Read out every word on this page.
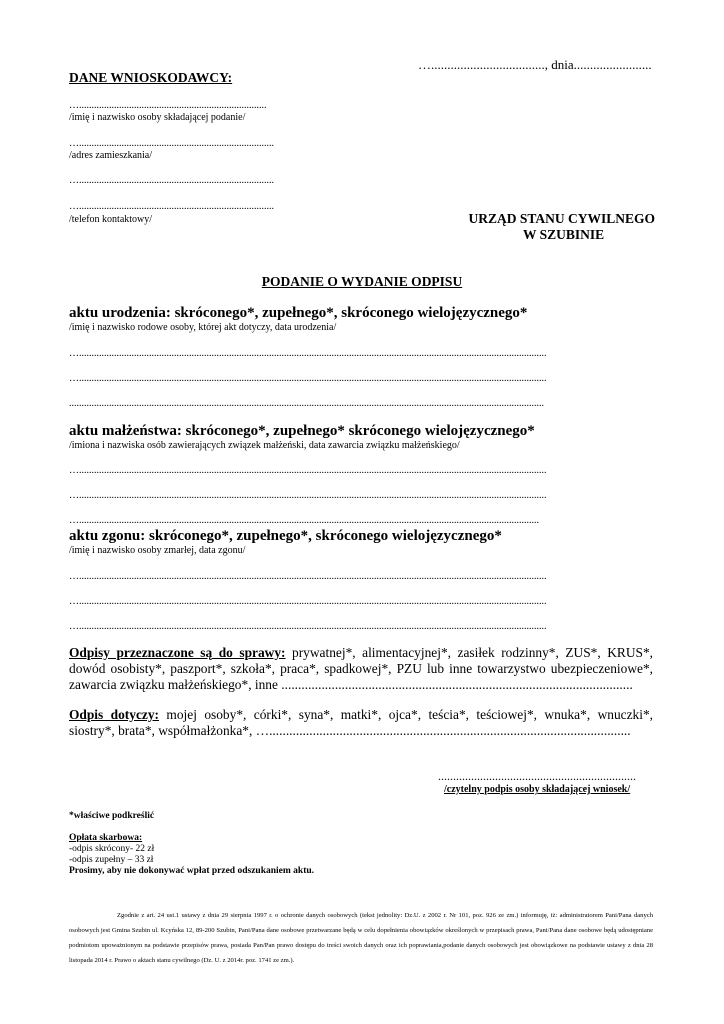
…..................................., dnia........................
DANE WNIOSKODAWCY:
…...........................................................................
/imię i nazwisko osoby składającej podanie/
…..............................................................................
/adres zamieszkania/
…..............................................................................
…..............................................................................
/telefon kontaktowy/	URZĄD STANU CYWILNEGO
W SZUBINIE
PODANIE O WYDANIE ODPISU
aktu urodzenia: skróconego*, zupełnego*, skróconego wielojęzycznego*
/imię i nazwisko rodowe osoby, której akt dotyczy, data urodzenia/
…...........................................................................................................................................................................................
…...........................................................................................................................................................................................
..............................................................................................................................................................................................
aktu małżeństwa: skróconego*, zupełnego* skróconego wielojęzycznego*
/imiona i nazwiska osób zawierających związek małżeński, data zawarcia związku małżeńskiego/
…...........................................................................................................................................................................................
…...........................................................................................................................................................................................
…........................................................................................................................................................................................
aktu zgonu: skróconego*, zupełnego*, skróconego wielojęzycznego*
/imię i nazwisko osoby zmarłej, data zgonu/
…...........................................................................................................................................................................................
…...........................................................................................................................................................................................
…...........................................................................................................................................................................................
Odpisy przeznaczone są do sprawy: prywatnej*, alimentacyjnej*, zasiłek rodzinny*, ZUS*, KRUS*, dowód osobisty*, paszport*, szkoła*, praca*, spadkowej*, PZU lub inne towarzystwo ubezpieczeniowe*, zawarcia związku małżeńskiego*, inne .........................................................................................................
Odpis dotyczy: mojej osoby*, córki*, syna*, matki*, ojca*, teścia*, teściowej*, wnuka*, wnuczki*, siostry*, brata*, współmałżonka*, …............................................................................................................
..................................................................
/czytelny podpis osoby składającej wniosek/
*właściwe podkreślić
Opłata skarbowa:
-odpis skrócony- 22 zł
-odpis zupełny – 33 zł
Prosimy, aby nie dokonywać wpłat przed odszukaniem aktu.
Zgodnie z art. 24 ust.1 ustawy z dnia 29 sierpnia 1997 r. o ochronie danych osobowych (tekst jednolity: Dz.U. z 2002 r. Nr 101, poz. 926 ze zm.) informuję, iż: administratorem Pani/Pana danych osobowych jest Gmina Szubin ul. Kcyńska 12, 89-200 Szubin, Pani/Pana dane osobowe przetwarzane będą w celu dopełnienia obowiązków określonych w przepisach prawa, Pani/Pana dane osobowe będą udostępniane podmiotom upoważnionym na podstawie przepisów prawa, posiada Pan/Pan prawo dostępu do treści swoich danych oraz ich poprawiania,podanie danych osobowych jest obowiązkowe na podstawie ustawy z dnia 28 listopada 2014 r. Prawo o aktach stanu cywilnego (Dz. U. z 2014r. poz. 1741 ze zm.).
